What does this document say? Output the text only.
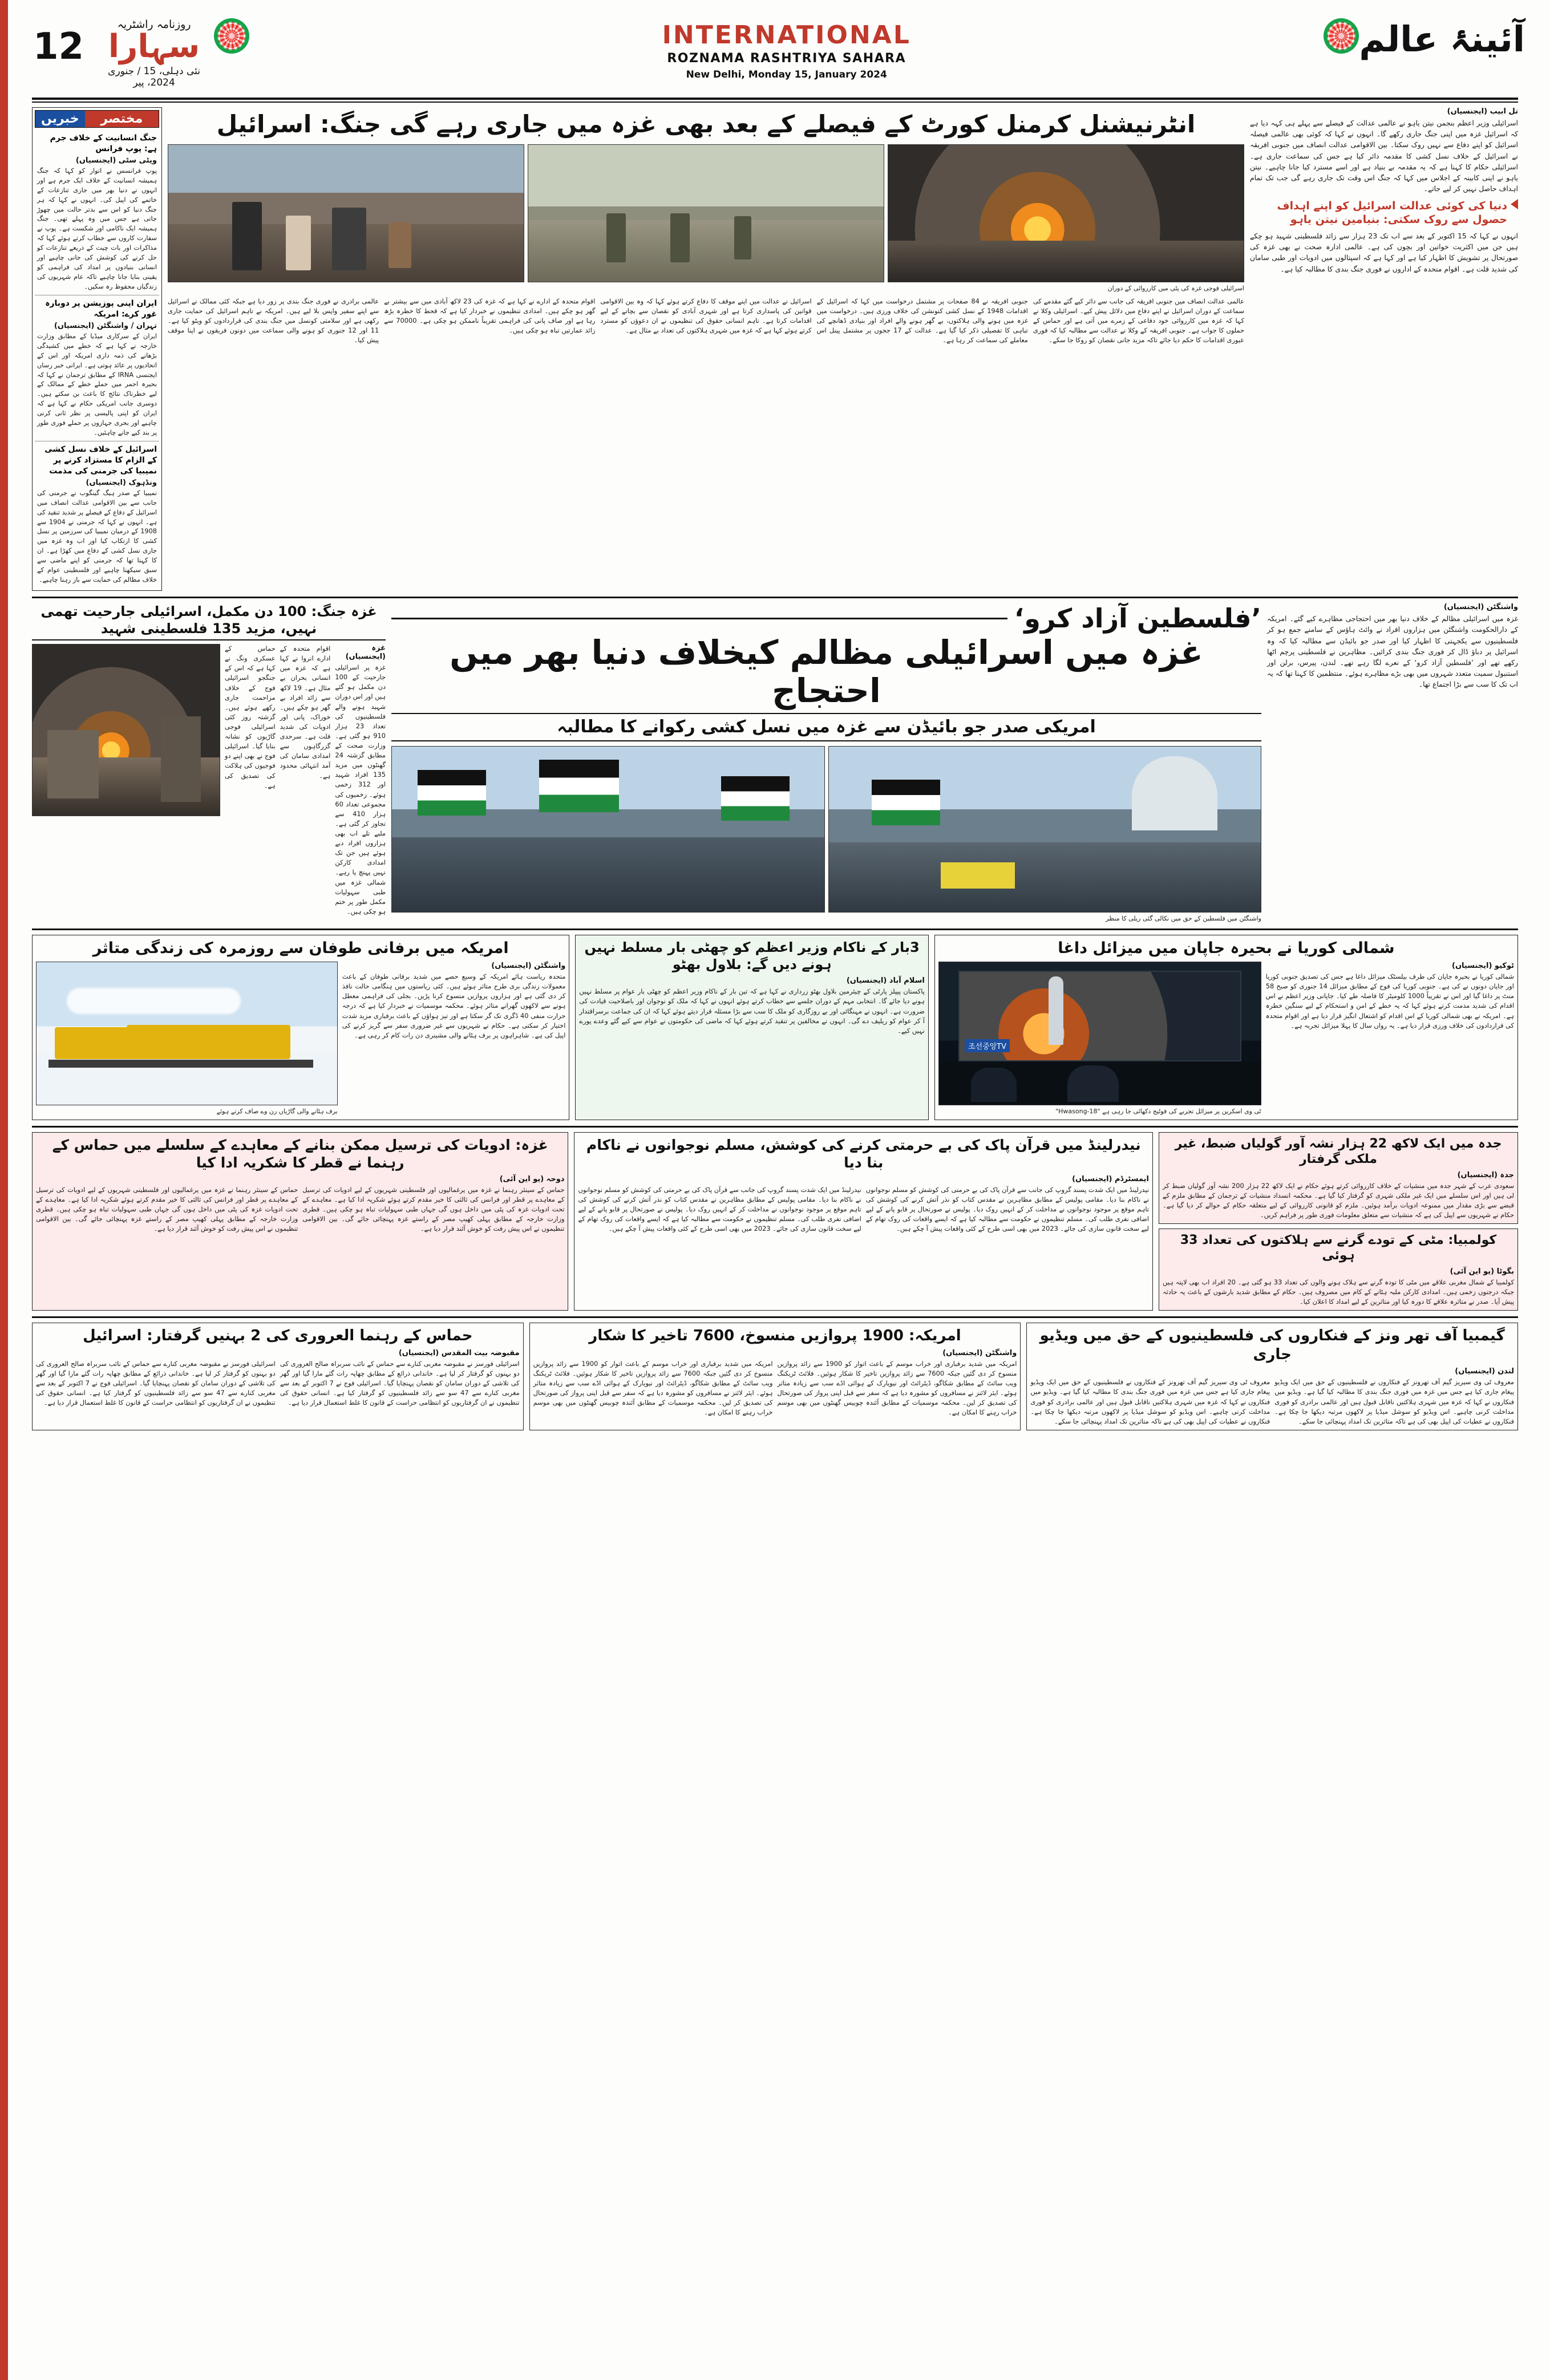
12
روزنامہ راشٹریہ
سہارا
نئی دہلی، 15 / جنوری 2024، پیر
INTERNATIONAL
ROZNAMA RASHTRIYA SAHARA
New Delhi, Monday 15, January 2024
آئینۂ عالم
خبریں	مختصر
جنگ انسانیت کے خلاف جرم ہے: پوپ فرانس
ویٹی سٹی (ایجنسیاں)
پوپ فرانسس نے اتوار کو کہا کہ جنگ ہمیشہ انسانیت کے خلاف ایک جرم ہے اور انہوں نے دنیا بھر میں جاری تنازعات کے خاتمے کی اپیل کی۔ انہوں نے کہا کہ ہر جنگ دنیا کو اس سے بدتر حالت میں چھوڑ جاتی ہے جس میں وہ پہلے تھی۔ جنگ ہمیشہ ایک ناکامی اور شکست ہے۔ پوپ نے سفارت کاروں سے خطاب کرتے ہوئے کہا کہ مذاکرات اور بات چیت کے ذریعے تنازعات کو حل کرنے کی کوشش کی جانی چاہیے اور انسانی بنیادوں پر امداد کی فراہمی کو یقینی بنایا جانا چاہیے تاکہ عام شہریوں کی زندگیاں محفوظ رہ سکیں۔
ایران اپنی پوزیشن پر دوبارہ غور کرے: امریکہ
تہران / واشنگٹن (ایجنسیاں)
ایران کے سرکاری میڈیا کے مطابق وزارت خارجہ نے کہا ہے کہ خطے میں کشیدگی بڑھانے کی ذمہ داری امریکہ اور اس کے اتحادیوں پر عائد ہوتی ہے۔ ایرانی خبر رساں ایجنسی IRNA کے مطابق ترجمان نے کہا کہ بحیرہ احمر میں حملے خطے کے ممالک کے لیے خطرناک نتائج کا باعث بن سکتے ہیں۔ دوسری جانب امریکی حکام نے کہا ہے کہ ایران کو اپنی پالیسی پر نظر ثانی کرنی چاہیے اور بحری جہازوں پر حملے فوری طور پر بند کیے جانے چاہئیں۔
اسرائیل کے خلاف نسل کشی کے الزام کا مستزاد کرنے پر نمیبیا کی جرمنی کی مذمت
ونڈہوک (ایجنسیاں)
نمیبیا کے صدر ہیگ گینگوب نے جرمنی کی جانب سے بین الاقوامی عدالت انصاف میں اسرائیل کے دفاع کے فیصلے پر شدید تنقید کی ہے۔ انہوں نے کہا کہ جرمنی نے 1904 سے 1908 کے درمیان نمیبیا کی سرزمین پر نسل کشی کا ارتکاب کیا اور اب وہ غزہ میں جاری نسل کشی کے دفاع میں کھڑا ہے۔ ان کا کہنا تھا کہ جرمنی کو اپنے ماضی سے سبق سیکھنا چاہیے اور فلسطینی عوام کے خلاف مظالم کی حمایت سے باز رہنا چاہیے۔
انٹرنیشنل کرمنل کورٹ کے فیصلے کے بعد بھی غزہ میں جاری رہے گی جنگ: اسرائیل
اسرائیلی فوجی غزہ کی پٹی میں کارروائی کے دوران
عالمی برادری نے فوری جنگ بندی پر زور دیا ہے جبکہ کئی ممالک نے اسرائیل سے اپنے سفیر واپس بلا لیے ہیں۔ امریکہ نے تاہم اسرائیل کی حمایت جاری رکھی ہے اور سلامتی کونسل میں جنگ بندی کی قراردادوں کو ویٹو کیا ہے۔ 11 اور 12 جنوری کو ہونے والی سماعت میں دونوں فریقوں نے اپنا موقف پیش کیا۔
اقوام متحدہ کے ادارے نے کہا ہے کہ غزہ کی 23 لاکھ آبادی میں سے بیشتر بے گھر ہو چکے ہیں۔ امدادی تنظیموں نے خبردار کیا ہے کہ قحط کا خطرہ بڑھ رہا ہے اور صاف پانی کی فراہمی تقریباً ناممکن ہو چکی ہے۔ 70000 سے زائد عمارتیں تباہ ہو چکی ہیں۔
اسرائیل نے عدالت میں اپنے موقف کا دفاع کرتے ہوئے کہا کہ وہ بین الاقوامی قوانین کی پاسداری کرتا ہے اور شہری آبادی کو نقصان سے بچانے کے لیے اقدامات کرتا ہے۔ تاہم انسانی حقوق کی تنظیموں نے ان دعوؤں کو مسترد کرتے ہوئے کہا ہے کہ غزہ میں شہری ہلاکتوں کی تعداد بے مثال ہے۔
جنوبی افریقہ نے 84 صفحات پر مشتمل درخواست میں کہا کہ اسرائیل کے اقدامات 1948 کے نسل کشی کنونشن کی خلاف ورزی ہیں۔ درخواست میں غزہ میں ہونے والی ہلاکتوں، بے گھر ہونے والے افراد اور بنیادی ڈھانچے کی تباہی کا تفصیلی ذکر کیا گیا ہے۔ عدالت کے 17 ججوں پر مشتمل پینل اس معاملے کی سماعت کر رہا ہے۔
عالمی عدالت انصاف میں جنوبی افریقہ کی جانب سے دائر کیے گئے مقدمے کی سماعت کے دوران اسرائیل نے اپنے دفاع میں دلائل پیش کیے۔ اسرائیلی وکلا نے کہا کہ غزہ میں کارروائی خود دفاعی کے زمرے میں آتی ہے اور حماس کے حملوں کا جواب ہے۔ جنوبی افریقہ کے وکلا نے عدالت سے مطالبہ کیا کہ فوری عبوری اقدامات کا حکم دیا جائے تاکہ مزید جانی نقصان کو روکا جا سکے۔
تل ابیب (ایجنسیاں)
اسرائیلی وزیر اعظم بنجمن نیتن یاہو نے عالمی عدالت کے فیصلے سے پہلے ہی کہہ دیا ہے کہ اسرائیل غزہ میں اپنی جنگ جاری رکھے گا۔ انہوں نے کہا کہ کوئی بھی عالمی فیصلہ اسرائیل کو اپنے دفاع سے نہیں روک سکتا۔ بین الاقوامی عدالت انصاف میں جنوبی افریقہ نے اسرائیل کے خلاف نسل کشی کا مقدمہ دائر کیا ہے جس کی سماعت جاری ہے۔ اسرائیلی حکام کا کہنا ہے کہ یہ مقدمہ بے بنیاد ہے اور اسے مسترد کیا جانا چاہیے۔ نیتن یاہو نے اپنی کابینہ کے اجلاس میں کہا کہ جنگ اس وقت تک جاری رہے گی جب تک تمام اہداف حاصل نہیں کر لیے جاتے۔
دنیا کی کوئی عدالت اسرائیل کو اپنے اہداف حصول سے روک سکتی: بنیامین نیتن یاہو
انہوں نے کہا کہ 15 اکتوبر کے بعد سے اب تک 23 ہزار سے زائد فلسطینی شہید ہو چکے ہیں جن میں اکثریت خواتین اور بچوں کی ہے۔ عالمی ادارہ صحت نے بھی غزہ کی صورتحال پر تشویش کا اظہار کیا ہے اور کہا ہے کہ اسپتالوں میں ادویات اور طبی سامان کی شدید قلت ہے۔ اقوام متحدہ کے اداروں نے فوری جنگ بندی کا مطالبہ کیا ہے۔
غزہ جنگ: 100 دن مکمل، اسرائیلی جارحیت تھمی نہیں، مزید 135 فلسطینی شہید
حماس کے عسکری ونگ نے کہا ہے کہ اس کے جنگجو اسرائیلی فوج کے خلاف مزاحمت جاری رکھے ہوئے ہیں۔ گزشتہ روز کئی اسرائیلی فوجی گاڑیوں کو نشانہ بنایا گیا۔ اسرائیلی فوج نے بھی اپنے دو فوجیوں کی ہلاکت کی تصدیق کی ہے۔
اقوام متحدہ کے ادارے انروا نے کہا ہے کہ غزہ میں انسانی بحران بے مثال ہے۔ 19 لاکھ سے زائد افراد بے گھر ہو چکے ہیں۔ خوراک، پانی اور ادویات کی شدید قلت ہے۔ سرحدی گزرگاہوں سے امدادی سامان کی آمد انتہائی محدود ہے۔
غزہ (ایجنسیاں)
غزہ پر اسرائیلی جارحیت کے 100 دن مکمل ہو گئے ہیں اور اس دوران شہید ہونے والے فلسطینیوں کی تعداد 23 ہزار 910 ہو گئی ہے۔ وزارت صحت کے مطابق گزشتہ 24 گھنٹوں میں مزید 135 افراد شہید اور 312 زخمی ہوئے۔ زخمیوں کی مجموعی تعداد 60 ہزار 410 سے تجاوز کر گئی ہے۔ ملبے تلے اب بھی ہزاروں افراد دبے ہوئے ہیں جن تک امدادی کارکن نہیں پہنچ پا رہے۔ شمالی غزہ میں طبی سہولیات مکمل طور پر ختم ہو چکی ہیں۔
’فلسطین آزاد کرو‘
غزہ میں اسرائیلی مظالم کیخلاف دنیا بھر میں احتجاج
امریکی صدر جو بائیڈن سے غزہ میں نسل کشی رکوانے کا مطالبہ
واشنگٹن میں فلسطین کے حق میں نکالی گئی ریلی کا منظر
واشنگٹن (ایجنسیاں)
غزہ میں اسرائیلی مظالم کے خلاف دنیا بھر میں احتجاجی مظاہرے کیے گئے۔ امریکہ کے دارالحکومت واشنگٹن میں ہزاروں افراد نے وائٹ ہاؤس کے سامنے جمع ہو کر فلسطینیوں سے یکجہتی کا اظہار کیا اور صدر جو بائیڈن سے مطالبہ کیا کہ وہ اسرائیل پر دباؤ ڈال کر فوری جنگ بندی کرائیں۔ مظاہرین نے فلسطینی پرچم اٹھا رکھے تھے اور ’فلسطین آزاد کرو‘ کے نعرے لگا رہے تھے۔ لندن، پیرس، برلن اور استنبول سمیت متعدد شہروں میں بھی بڑے مظاہرے ہوئے۔ منتظمین کا کہنا تھا کہ یہ اب تک کا سب سے بڑا اجتماع تھا۔
امریکہ میں برفانی طوفان سے روزمرہ کی زندگی متاثر
برف ہٹانے والی گاڑیاں رن وے صاف کرتے ہوئے
واشنگٹن (ایجنسیاں)
متحدہ ریاست ہائے امریکہ کے وسیع حصے میں شدید برفانی طوفان کے باعث معمولات زندگی بری طرح متاثر ہوئے ہیں۔ کئی ریاستوں میں ہنگامی حالت نافذ کر دی گئی ہے اور ہزاروں پروازیں منسوخ کرنا پڑیں۔ بجلی کی فراہمی معطل ہونے سے لاکھوں گھرانے متاثر ہوئے۔ محکمہ موسمیات نے خبردار کیا ہے کہ درجہ حرارت منفی 40 ڈگری تک گر سکتا ہے اور تیز ہواؤں کے باعث برفباری مزید شدت اختیار کر سکتی ہے۔ حکام نے شہریوں سے غیر ضروری سفر سے گریز کرنے کی اپیل کی ہے۔ شاہراہوں پر برف ہٹانے والی مشینری دن رات کام کر رہی ہے۔
3بار کے ناکام وزیر اعظم کو چھٹی بار مسلط نہیں ہونے دیں گے: بلاول بھٹو
اسلام آباد (ایجنسیاں)
پاکستان پیپلز پارٹی کے چیئرمین بلاول بھٹو زرداری نے کہا ہے کہ تین بار کے ناکام وزیر اعظم کو چھٹی بار عوام پر مسلط نہیں ہونے دیا جائے گا۔ انتخابی مہم کے دوران جلسے سے خطاب کرتے ہوئے انہوں نے کہا کہ ملک کو نوجوان اور باصلاحیت قیادت کی ضرورت ہے۔ انہوں نے مہنگائی اور بے روزگاری کو ملک کا سب سے بڑا مسئلہ قرار دیتے ہوئے کہا کہ ان کی جماعت برسراقتدار آ کر عوام کو ریلیف دے گی۔ انہوں نے مخالفین پر تنقید کرتے ہوئے کہا کہ ماضی کی حکومتوں نے عوام سے کیے گئے وعدے پورے نہیں کیے۔
شمالی کوریا نے بحیرہ جاپان میں میزائل داغا
조선중앙TV
ٹی وی اسکرین پر میزائل تجربے کی فوٹیج دکھائی جا رہی ہے "Hwasong-18"
ٹوکیو (ایجنسیاں)
شمالی کوریا نے بحیرہ جاپان کی طرف بیلسٹک میزائل داغا ہے جس کی تصدیق جنوبی کوریا اور جاپان دونوں نے کی ہے۔ جنوبی کوریا کی فوج کے مطابق میزائل 14 جنوری کو صبح 58 منٹ پر داغا گیا اور اس نے تقریباً 1000 کلومیٹر کا فاصلہ طے کیا۔ جاپانی وزیر اعظم نے اس اقدام کی شدید مذمت کرتے ہوئے کہا کہ یہ خطے کے امن و استحکام کے لیے سنگین خطرہ ہے۔ امریکہ نے بھی شمالی کوریا کے اس اقدام کو اشتعال انگیز قرار دیا ہے اور اقوام متحدہ کی قراردادوں کی خلاف ورزی قرار دیا ہے۔ یہ رواں سال کا پہلا میزائل تجربہ ہے۔
غزہ: ادویات کی ترسیل ممکن بنانے کے معاہدے کے سلسلے میں حماس کے رہنما نے قطر کا شکریہ ادا کیا
دوحہ (یو این آئی)
حماس کے سینئر رہنما نے غزہ میں یرغمالیوں اور فلسطینی شہریوں کے لیے ادویات کی ترسیل کے معاہدے پر قطر اور فرانس کی ثالثی کا خیر مقدم کرتے ہوئے شکریہ ادا کیا ہے۔ معاہدے کے تحت ادویات غزہ کی پٹی میں داخل ہوں گی جہاں طبی سہولیات تباہ ہو چکی ہیں۔ قطری وزارت خارجہ کے مطابق پہلی کھیپ مصر کے راستے غزہ پہنچائی جائے گی۔ بین الاقوامی تنظیموں نے اس پیش رفت کو خوش آئند قرار دیا ہے۔
حماس کے سینئر رہنما نے غزہ میں یرغمالیوں اور فلسطینی شہریوں کے لیے ادویات کی ترسیل کے معاہدے پر قطر اور فرانس کی ثالثی کا خیر مقدم کرتے ہوئے شکریہ ادا کیا ہے۔ معاہدے کے تحت ادویات غزہ کی پٹی میں داخل ہوں گی جہاں طبی سہولیات تباہ ہو چکی ہیں۔ قطری وزارت خارجہ کے مطابق پہلی کھیپ مصر کے راستے غزہ پہنچائی جائے گی۔ بین الاقوامی تنظیموں نے اس پیش رفت کو خوش آئند قرار دیا ہے۔
نیدرلینڈ میں قرآن پاک کی بے حرمتی کرنے کی کوشش، مسلم نوجوانوں نے ناکام بنا دیا
ایمسٹرڈم (ایجنسیاں)
نیدرلینڈ میں ایک شدت پسند گروپ کی جانب سے قرآن پاک کی بے حرمتی کی کوشش کو مسلم نوجوانوں نے ناکام بنا دیا۔ مقامی پولیس کے مطابق مظاہرین نے مقدس کتاب کو نذر آتش کرنے کی کوشش کی تاہم موقع پر موجود نوجوانوں نے مداخلت کر کے انہیں روک دیا۔ پولیس نے صورتحال پر قابو پانے کے لیے اضافی نفری طلب کی۔ مسلم تنظیموں نے حکومت سے مطالبہ کیا ہے کہ ایسے واقعات کی روک تھام کے لیے سخت قانون سازی کی جائے۔ 2023 میں بھی اسی طرح کے کئی واقعات پیش آ چکے ہیں۔
نیدرلینڈ میں ایک شدت پسند گروپ کی جانب سے قرآن پاک کی بے حرمتی کی کوشش کو مسلم نوجوانوں نے ناکام بنا دیا۔ مقامی پولیس کے مطابق مظاہرین نے مقدس کتاب کو نذر آتش کرنے کی کوشش کی تاہم موقع پر موجود نوجوانوں نے مداخلت کر کے انہیں روک دیا۔ پولیس نے صورتحال پر قابو پانے کے لیے اضافی نفری طلب کی۔ مسلم تنظیموں نے حکومت سے مطالبہ کیا ہے کہ ایسے واقعات کی روک تھام کے لیے سخت قانون سازی کی جائے۔ 2023 میں بھی اسی طرح کے کئی واقعات پیش آ چکے ہیں۔
جدہ میں ایک لاکھ 22 ہزار نشہ آور گولیاں ضبط، غیر ملکی گرفتار
جدہ (ایجنسیاں)
سعودی عرب کے شہر جدہ میں منشیات کے خلاف کارروائی کرتے ہوئے حکام نے ایک لاکھ 22 ہزار 200 نشہ آور گولیاں ضبط کر لی ہیں اور اس سلسلے میں ایک غیر ملکی شہری کو گرفتار کیا گیا ہے۔ محکمہ انسداد منشیات کے ترجمان کے مطابق ملزم کے قبضے سے بڑی مقدار میں ممنوعہ ادویات برآمد ہوئیں۔ ملزم کو قانونی کارروائی کے لیے متعلقہ حکام کے حوالے کر دیا گیا ہے۔ حکام نے شہریوں سے اپیل کی ہے کہ منشیات سے متعلق معلومات فوری طور پر فراہم کریں۔
کولمبیا: مٹی کے تودے گرنے سے ہلاکتوں کی تعداد 33 ہوئی
بگوٹا (یو این آئی)
کولمبیا کے شمال مغربی علاقے میں مٹی کا تودہ گرنے سے ہلاک ہونے والوں کی تعداد 33 ہو گئی ہے۔ 20 افراد اب بھی لاپتہ ہیں جبکہ درجنوں زخمی ہیں۔ امدادی کارکن ملبہ ہٹانے کے کام میں مصروف ہیں۔ حکام کے مطابق شدید بارشوں کے باعث یہ حادثہ پیش آیا۔ صدر نے متاثرہ علاقے کا دورہ کیا اور متاثرین کے لیے امداد کا اعلان کیا۔
حماس کے رہنما العروری کی 2 بہنیں گرفتار: اسرائیل
مقبوضہ بیت المقدس (ایجنسیاں)
اسرائیلی فورسز نے مقبوضہ مغربی کنارے سے حماس کے نائب سربراہ صالح العروری کی دو بہنوں کو گرفتار کر لیا ہے۔ خاندانی ذرائع کے مطابق چھاپہ رات گئے مارا گیا اور گھر کی تلاشی کے دوران سامان کو نقصان پہنچایا گیا۔ اسرائیلی فوج نے 7 اکتوبر کے بعد سے مغربی کنارے سے 47 سو سے زائد فلسطینیوں کو گرفتار کیا ہے۔ انسانی حقوق کی تنظیموں نے ان گرفتاریوں کو انتظامی حراست کے قانون کا غلط استعمال قرار دیا ہے۔
اسرائیلی فورسز نے مقبوضہ مغربی کنارے سے حماس کے نائب سربراہ صالح العروری کی دو بہنوں کو گرفتار کر لیا ہے۔ خاندانی ذرائع کے مطابق چھاپہ رات گئے مارا گیا اور گھر کی تلاشی کے دوران سامان کو نقصان پہنچایا گیا۔ اسرائیلی فوج نے 7 اکتوبر کے بعد سے مغربی کنارے سے 47 سو سے زائد فلسطینیوں کو گرفتار کیا ہے۔ انسانی حقوق کی تنظیموں نے ان گرفتاریوں کو انتظامی حراست کے قانون کا غلط استعمال قرار دیا ہے۔
امریکہ: 1900 پروازیں منسوخ، 7600 تاخیر کا شکار
واشنگٹن (ایجنسیاں)
امریکہ میں شدید برفباری اور خراب موسم کے باعث اتوار کو 1900 سے زائد پروازیں منسوخ کر دی گئیں جبکہ 7600 سے زائد پروازیں تاخیر کا شکار ہوئیں۔ فلائٹ ٹریکنگ ویب سائٹ کے مطابق شکاگو، ڈیٹرائٹ اور نیویارک کے ہوائی اڈے سب سے زیادہ متاثر ہوئے۔ ایئر لائنز نے مسافروں کو مشورہ دیا ہے کہ سفر سے قبل اپنی پرواز کی صورتحال کی تصدیق کر لیں۔ محکمہ موسمیات کے مطابق آئندہ چوبیس گھنٹوں میں بھی موسم خراب رہنے کا امکان ہے۔
امریکہ میں شدید برفباری اور خراب موسم کے باعث اتوار کو 1900 سے زائد پروازیں منسوخ کر دی گئیں جبکہ 7600 سے زائد پروازیں تاخیر کا شکار ہوئیں۔ فلائٹ ٹریکنگ ویب سائٹ کے مطابق شکاگو، ڈیٹرائٹ اور نیویارک کے ہوائی اڈے سب سے زیادہ متاثر ہوئے۔ ایئر لائنز نے مسافروں کو مشورہ دیا ہے کہ سفر سے قبل اپنی پرواز کی صورتحال کی تصدیق کر لیں۔ محکمہ موسمیات کے مطابق آئندہ چوبیس گھنٹوں میں بھی موسم خراب رہنے کا امکان ہے۔
گیمبیا آف تھر ونز کے فنکاروں کی فلسطینیوں کے حق میں ویڈیو جاری
لندن (ایجنسیاں)
معروف ٹی وی سیریز گیم آف تھرونز کے فنکاروں نے فلسطینیوں کے حق میں ایک ویڈیو پیغام جاری کیا ہے جس میں غزہ میں فوری جنگ بندی کا مطالبہ کیا گیا ہے۔ ویڈیو میں فنکاروں نے کہا کہ غزہ میں شہری ہلاکتیں ناقابل قبول ہیں اور عالمی برادری کو فوری مداخلت کرنی چاہیے۔ اس ویڈیو کو سوشل میڈیا پر لاکھوں مرتبہ دیکھا جا چکا ہے۔ فنکاروں نے عطیات کی اپیل بھی کی ہے تاکہ متاثرین تک امداد پہنچائی جا سکے۔
معروف ٹی وی سیریز گیم آف تھرونز کے فنکاروں نے فلسطینیوں کے حق میں ایک ویڈیو پیغام جاری کیا ہے جس میں غزہ میں فوری جنگ بندی کا مطالبہ کیا گیا ہے۔ ویڈیو میں فنکاروں نے کہا کہ غزہ میں شہری ہلاکتیں ناقابل قبول ہیں اور عالمی برادری کو فوری مداخلت کرنی چاہیے۔ اس ویڈیو کو سوشل میڈیا پر لاکھوں مرتبہ دیکھا جا چکا ہے۔ فنکاروں نے عطیات کی اپیل بھی کی ہے تاکہ متاثرین تک امداد پہنچائی جا سکے۔
